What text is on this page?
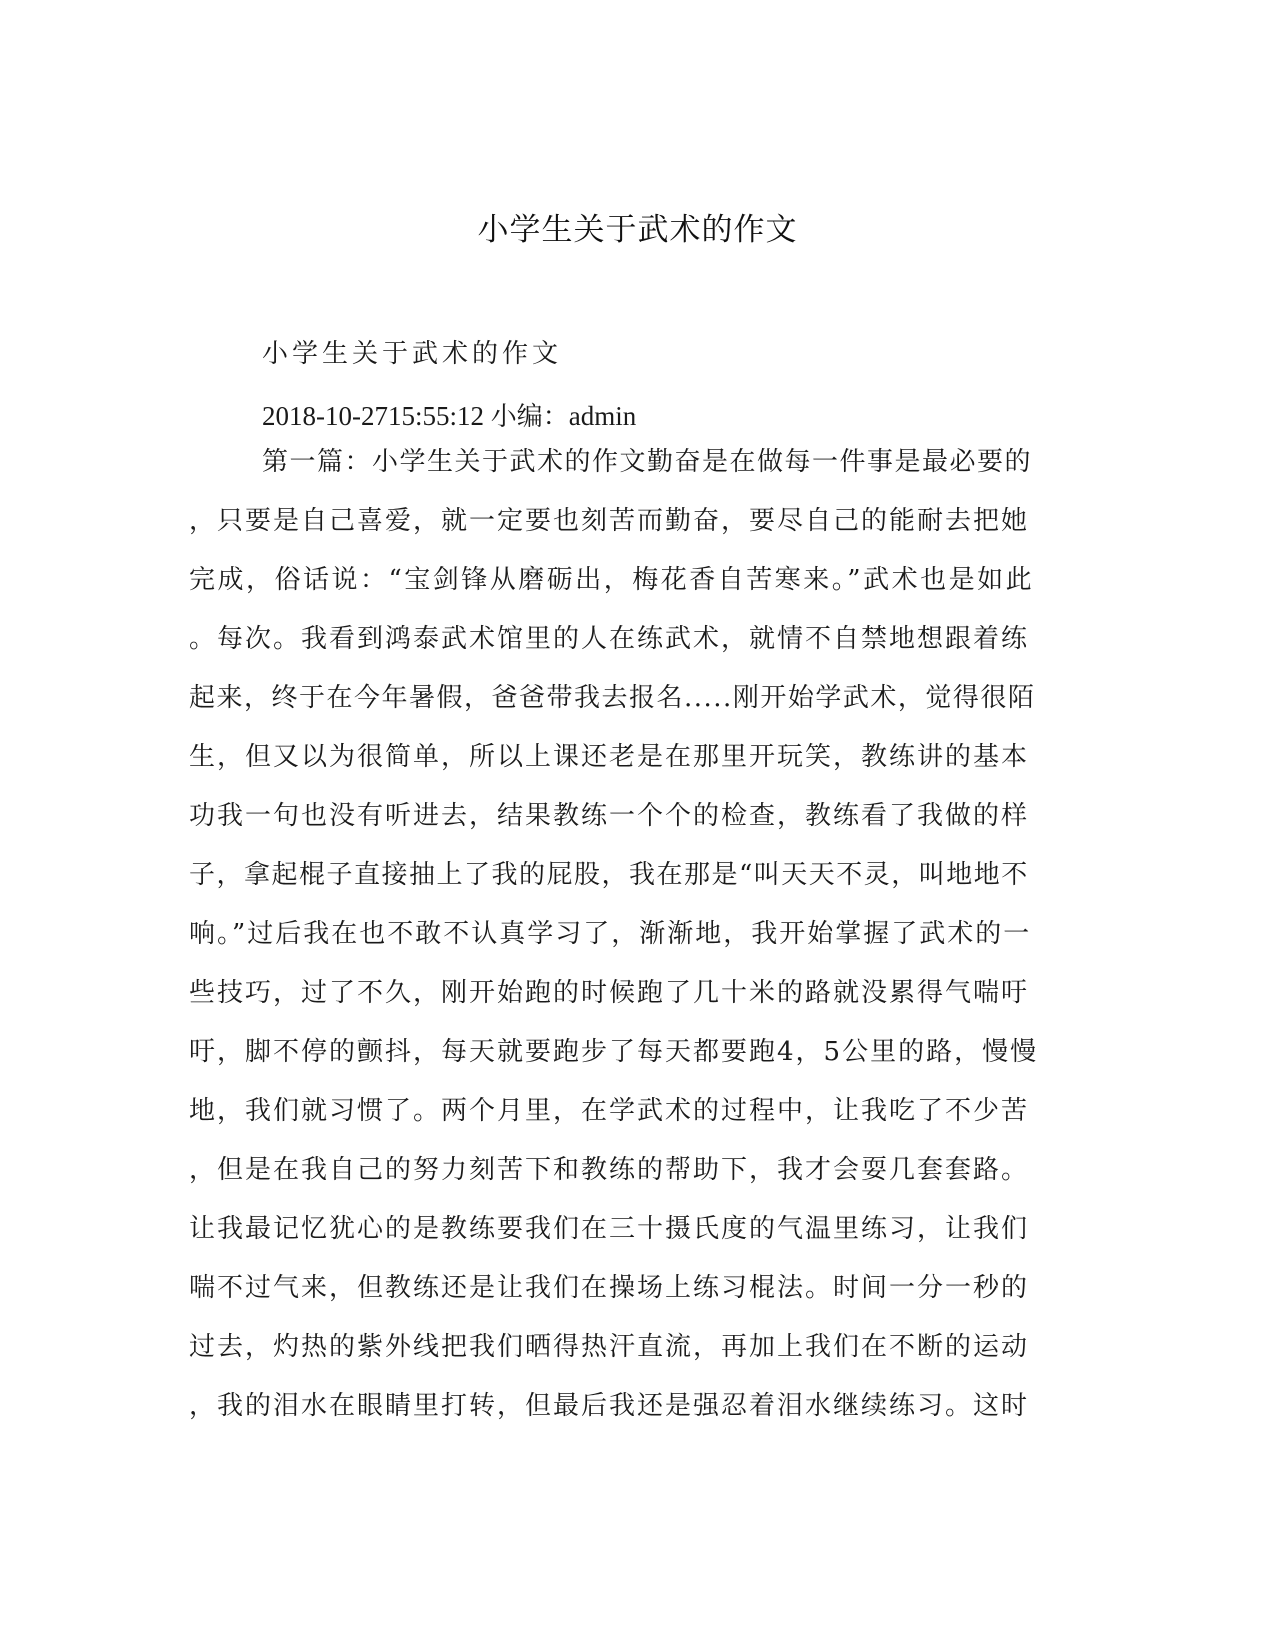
小学生关于武术的作文
小学生关于武术的作文
2018-10-2715:55:12 小编：admin
第一篇：小学生关于武术的作文勤奋是在做每一件事是最必要的
，只要是自己喜爱，就一定要也刻苦而勤奋，要尽自己的能耐去把她
完成，俗话说：“宝剑锋从磨砺出，梅花香自苦寒来。”武术也是如此
。每次。我看到鸿泰武术馆里的人在练武术，就情不自禁地想跟着练
起来，终于在今年暑假，爸爸带我去报名.....刚开始学武术，觉得很陌
生，但又以为很简单，所以上课还老是在那里开玩笑，教练讲的基本
功我一句也没有听进去，结果教练一个个的检查，教练看了我做的样
子，拿起棍子直接抽上了我的屁股，我在那是“叫天天不灵，叫地地不
响。”过后我在也不敢不认真学习了，渐渐地，我开始掌握了武术的一
些技巧，过了不久，刚开始跑的时候跑了几十米的路就没累得气喘吁
吁，脚不停的颤抖，每天就要跑步了每天都要跑4，5公里的路，慢慢
地，我们就习惯了。两个月里，在学武术的过程中，让我吃了不少苦
，但是在我自己的努力刻苦下和教练的帮助下，我才会耍几套套路。
让我最记忆犹心的是教练要我们在三十摄氏度的气温里练习，让我们
喘不过气来，但教练还是让我们在操场上练习棍法。时间一分一秒的
过去，灼热的紫外线把我们晒得热汗直流，再加上我们在不断的运动
，我的泪水在眼睛里打转，但最后我还是强忍着泪水继续练习。这时
